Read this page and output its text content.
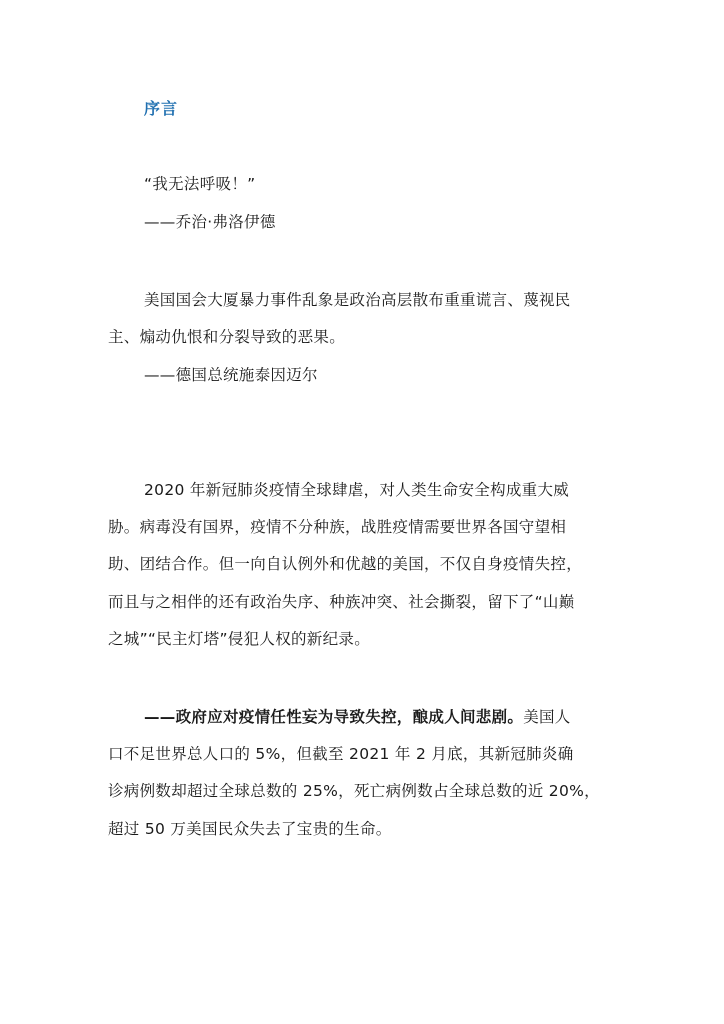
序言
“我无法呼吸！”
——乔治·弗洛伊德
美国国会大厦暴力事件乱象是政治高层散布重重谎言、蔑视民
主、煽动仇恨和分裂导致的恶果。
——德国总统施泰因迈尔
2020 年新冠肺炎疫情全球肆虐，对人类生命安全构成重大威
胁。病毒没有国界，疫情不分种族，战胜疫情需要世界各国守望相
助、团结合作。但一向自认例外和优越的美国，不仅自身疫情失控，
而且与之相伴的还有政治失序、种族冲突、社会撕裂，留下了“山巅
之城”“民主灯塔”侵犯人权的新纪录。
——政府应对疫情任性妄为导致失控，酿成人间悲剧。美国人
口不足世界总人口的 5%，但截至 2021 年 2 月底，其新冠肺炎确
诊病例数却超过全球总数的 25%，死亡病例数占全球总数的近 20%，
超过 50 万美国民众失去了宝贵的生命。
